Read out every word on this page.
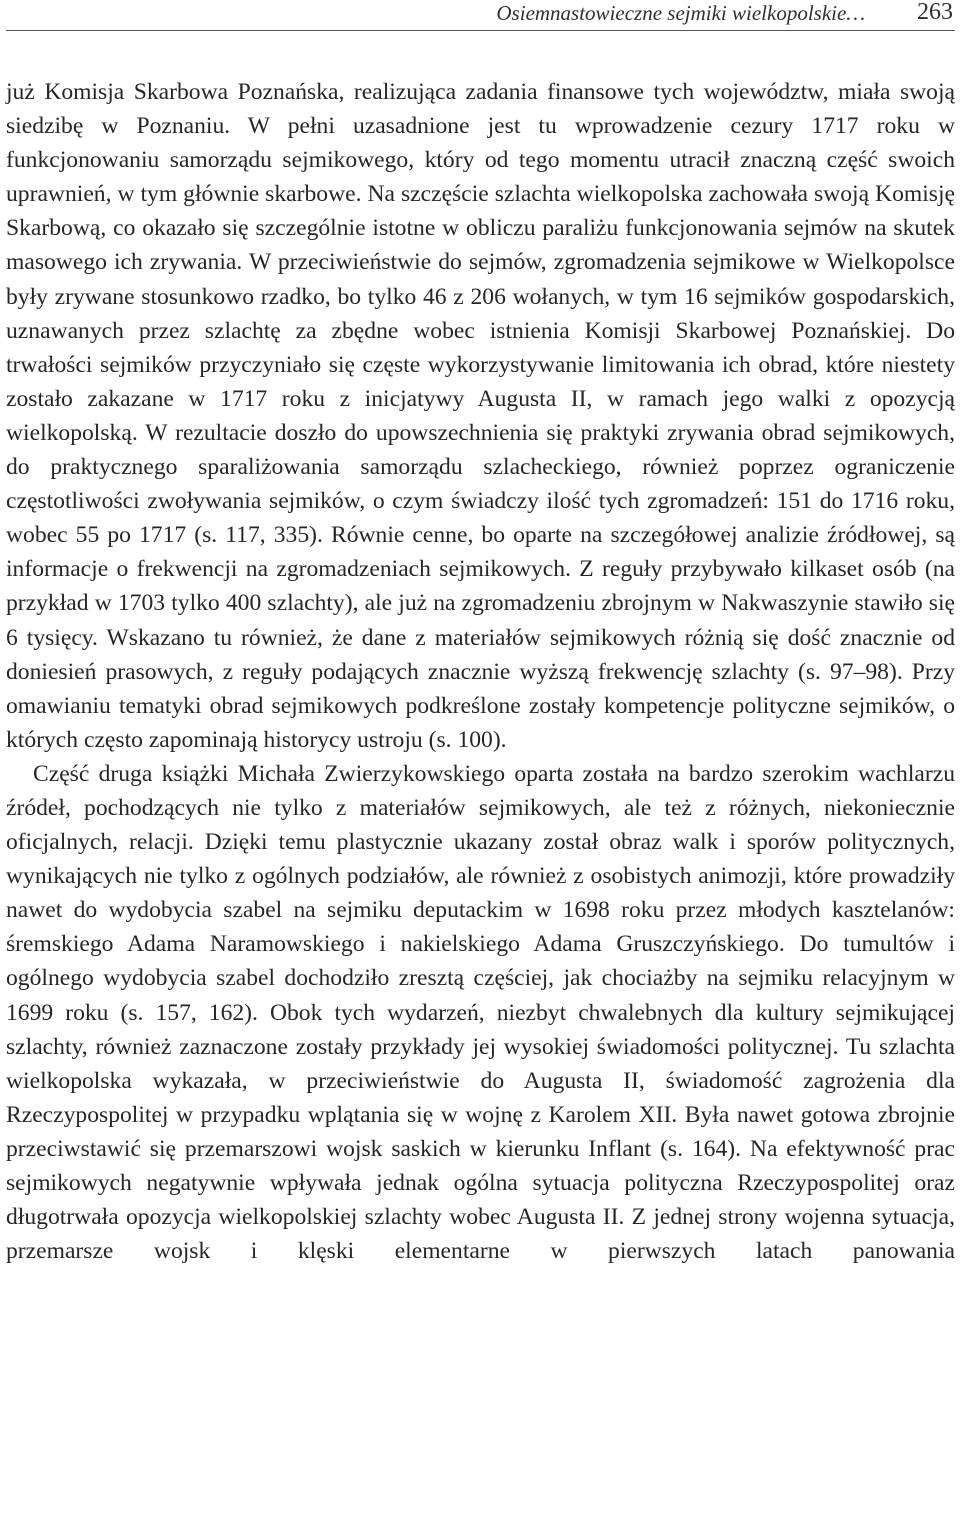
Osiemnastowieczne sejmiki wielkopolskie… 263

już Komisja Skarbowa Poznańska, realizująca zadania finansowe tych województw, miała swoją siedzibę w Poznaniu. W pełni uzasadnione jest tu wprowadzenie cezury 1717 roku w funkcjonowaniu samorządu sejmikowego, który od tego momentu utracił znaczną część swoich uprawnień, w tym głównie skarbowe. Na szczęście szlachta wielkopolska zachowała swoją Komisję Skarbową, co okazało się szczególnie istotne w obliczu paraliżu funkcjonowania sejmów na skutek masowego ich zrywania. W przeciwieństwie do sejmów, zgromadzenia sejmikowe w Wielkopolsce były zrywane stosunkowo rzadko, bo tylko 46 z 206 wołanych, w tym 16 sejmików gospodarskich, uznawanych przez szlachtę za zbędne wobec istnienia Komisji Skarbowej Poznańskiej. Do trwałości sejmików przyczyniało się częste wykorzystywanie limitowania ich obrad, które niestety zostało zakazane w 1717 roku z inicjatywy Augusta II, w ramach jego walki z opozycją wielkopolską. W rezultacie doszło do upowszechnienia się praktyki zrywania obrad sejmikowych, do praktycznego sparaliżowania samorządu szlacheckiego, również poprzez ograniczenie częstotliwości zwoływania sejmików, o czym świadczy ilość tych zgromadzeń: 151 do 1716 roku, wobec 55 po 1717 (s. 117, 335). Równie cenne, bo oparte na szczegółowej analizie źródłowej, są informacje o frekwencji na zgromadzeniach sejmikowych. Z reguły przybywało kilkaset osób (na przykład w 1703 tylko 400 szlachty), ale już na zgromadzeniu zbrojnym w Nakwaszynie stawiło się 6 tysięcy. Wskazano tu również, że dane z materiałów sejmikowych różnią się dość znacznie od doniesień prasowych, z reguły podających znacznie wyższą frekwencję szlachty (s. 97–98). Przy omawianiu tematyki obrad sejmikowych podkreślone zostały kompetencje polityczne sejmików, o których często zapominają historycy ustroju (s. 100).

Część druga książki Michała Zwierzykowskiego oparta została na bardzo szerokim wachlarzu źródeł, pochodzących nie tylko z materiałów sejmikowych, ale też z różnych, niekoniecznie oficjalnych, relacji. Dzięki temu plastycznie ukazany został obraz walk i sporów politycznych, wynikających nie tylko z ogólnych podziałów, ale również z osobistych animozji, które prowadziły nawet do wydobycia szabel na sejmiku deputackim w 1698 roku przez młodych kasztelanów: śremskiego Adama Naramowskiego i nakielskiego Adama Gruszczyńskiego. Do tumultów i ogólnego wydobycia szabel dochodziło zresztą częściej, jak chociażby na sejmiku relacyjnym w 1699 roku (s. 157, 162). Obok tych wydarzeń, niezbyt chwalebnych dla kultury sejmikującej szlachty, również zaznaczone zostały przykłady jej wysokiej świadomości politycznej. Tu szlachta wielkopolska wykazała, w przeciwieństwie do Augusta II, świadomość zagrożenia dla Rzeczypospolitej w przypadku wplątania się w wojnę z Karolem XII. Była nawet gotowa zbrojnie przeciwstawić się przemarszowi wojsk saskich w kierunku Inflant (s. 164). Na efektywność prac sejmikowych negatywnie wpływała jednak ogólna sytuacja polityczna Rzeczypospolitej oraz długotrwała opozycja wielkopolskiej szlachty wobec Augusta II. Z jednej strony wojenna sytuacja, przemarsze wojsk i klęski elementarne w pierwszych latach panowania
